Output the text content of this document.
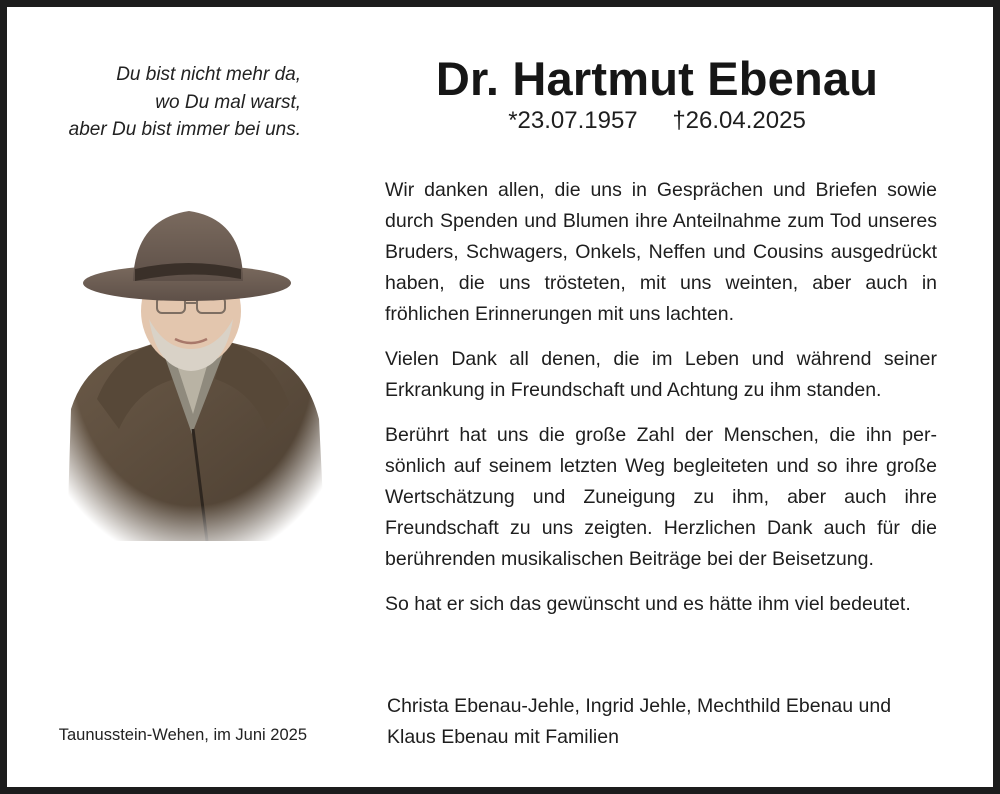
Du bist nicht mehr da,
wo Du mal warst,
aber Du bist immer bei uns.
Dr. Hartmut Ebenau
*23.07.1957 †26.04.2025

Wir danken allen, die uns in Gesprächen und Briefen sowie durch Spenden und Blumen ihre Anteilnahme zum Tod unseres Bruders, Schwagers, Onkels, Neffen und Cousins ausgedrückt haben, die uns trösteten, mit uns weinten, aber auch in fröhlichen Erinnerungen mit uns lachten.

Vielen Dank all denen, die im Leben und während seiner Erkrankung in Freundschaft und Achtung zu ihm standen.

Berührt hat uns die große Zahl der Menschen, die ihn persönlich auf seinem letzten Weg begleiteten und so ihre große Wertschätzung und Zuneigung zu ihm, aber auch ihre Freundschaft zu uns zeigten. Herzlichen Dank auch für die berührenden musikalischen Beiträge bei der Beisetzung.

So hat er sich das gewünscht und es hätte ihm viel bedeutet.

Christa Ebenau-Jehle, Ingrid Jehle, Mechthild Ebenau und
Klaus Ebenau mit Familien
Taunusstein-Wehen, im Juni 2025
